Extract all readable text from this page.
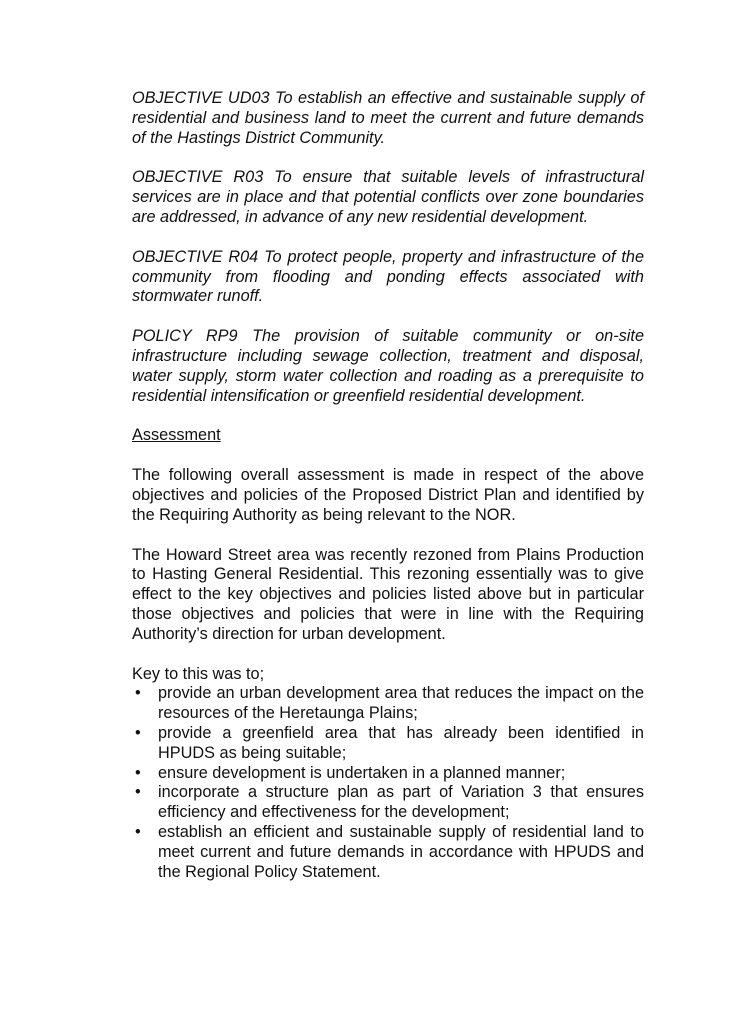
OBJECTIVE UD03 To establish an effective and sustainable supply of residential and business land to meet the current and future demands of the Hastings District Community.

OBJECTIVE R03 To ensure that suitable levels of infrastructural services are in place and that potential conflicts over zone boundaries are addressed, in advance of any new residential development.

OBJECTIVE R04 To protect people, property and infrastructure of the community from flooding and ponding effects associated with stormwater runoff.

POLICY RP9 The provision of suitable community or on-site infrastructure including sewage collection, treatment and disposal, water supply, storm water collection and roading as a prerequisite to residential intensification or greenfield residential development.

Assessment

The following overall assessment is made in respect of the above objectives and policies of the Proposed District Plan and identified by the Requiring Authority as being relevant to the NOR.

The Howard Street area was recently rezoned from Plains Production to Hasting General Residential. This rezoning essentially was to give effect to the key objectives and policies listed above but in particular those objectives and policies that were in line with the Requiring Authority’s direction for urban development.

Key to this was to;

• provide an urban development area that reduces the impact on the resources of the Heretaunga Plains;
• provide a greenfield area that has already been identified in HPUDS as being suitable;
• ensure development is undertaken in a planned manner;
• incorporate a structure plan as part of Variation 3 that ensures efficiency and effectiveness for the development;
• establish an efficient and sustainable supply of residential land to meet current and future demands in accordance with HPUDS and the Regional Policy Statement.
